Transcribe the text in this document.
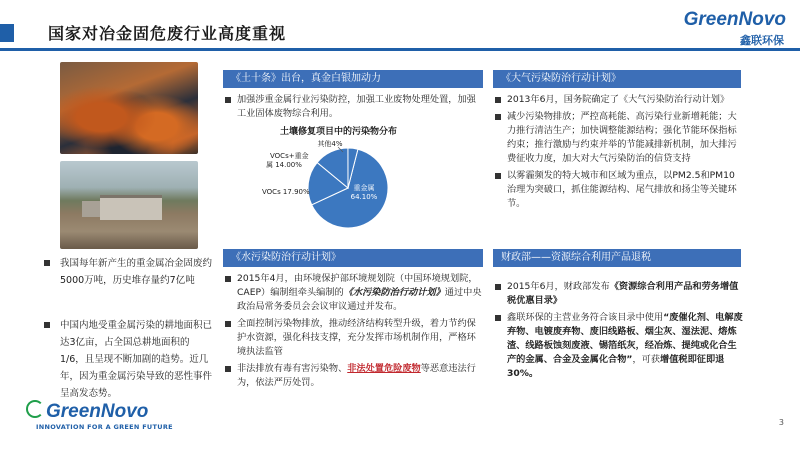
国家对冶金固危废行业高度重视
GreenNovo
鑫联环保
我国每年新产生的重金属冶金固废约5000万吨，历史堆存量约7亿吨
中国内地受重金属污染的耕地面积已达3亿亩，占全国总耕地面积的1/6，且呈现不断加剧的趋势。近几年，因为重金属污染导致的恶性事件呈高发态势。
《土十条》出台，真金白银加动力
加强涉重金属行业污染防控，加强工业废物处理处置，加强工业固体废物综合利用。
土壤修复项目中的污染物分布
其他4%
VOCs+重金
属 14.00%
VOCs 17.90%	重金属
64.10%
《水污染防治行动计划》
2015年4月，由环境保护部环境规划院（中国环境规划院，CAEP）编制组牵头编制的《水污染防治行动计划》通过中央政治局常务委员会会议审议通过并发布。
全面控制污染物排放，推动经济结构转型升级，着力节约保护水资源，强化科技支撑，充分发挥市场机制作用，严格环境执法监管
非法排放有毒有害污染物、非法处置危险废物等恶意违法行为，依法严厉处罚。
《大气污染防治行动计划》
2013年6月，国务院确定了《大气污染防治行动计划》
减少污染物排放；严控高耗能、高污染行业新增耗能；大力推行清洁生产；加快调整能源结构；强化节能环保指标约束；推行激励与约束并举的节能减排新机制，加大排污费征收力度，加大对大气污染防治的信贷支持
以雾霾频发的特大城市和区域为重点，以PM2.5和PM10治理为突破口，抓住能源结构、尾气排放和扬尘等关键环节。
财政部——资源综合利用产品退税
2015年6月，财政部发布《资源综合利用产品和劳务增值税优惠目录》
鑫联环保的主营业务符合该目录中使用“废催化剂、电解废弃物、电镀废弃物、废旧线路板、烟尘灰、湿法泥、熔炼渣、线路板蚀刻废液、锡箔纸灰，经冶炼、提纯或化合生产的金属、合金及金属化合物”，可获增值税即征即退30%。
GreenNovo
INNOVATION FOR A GREEN FUTURE	3
